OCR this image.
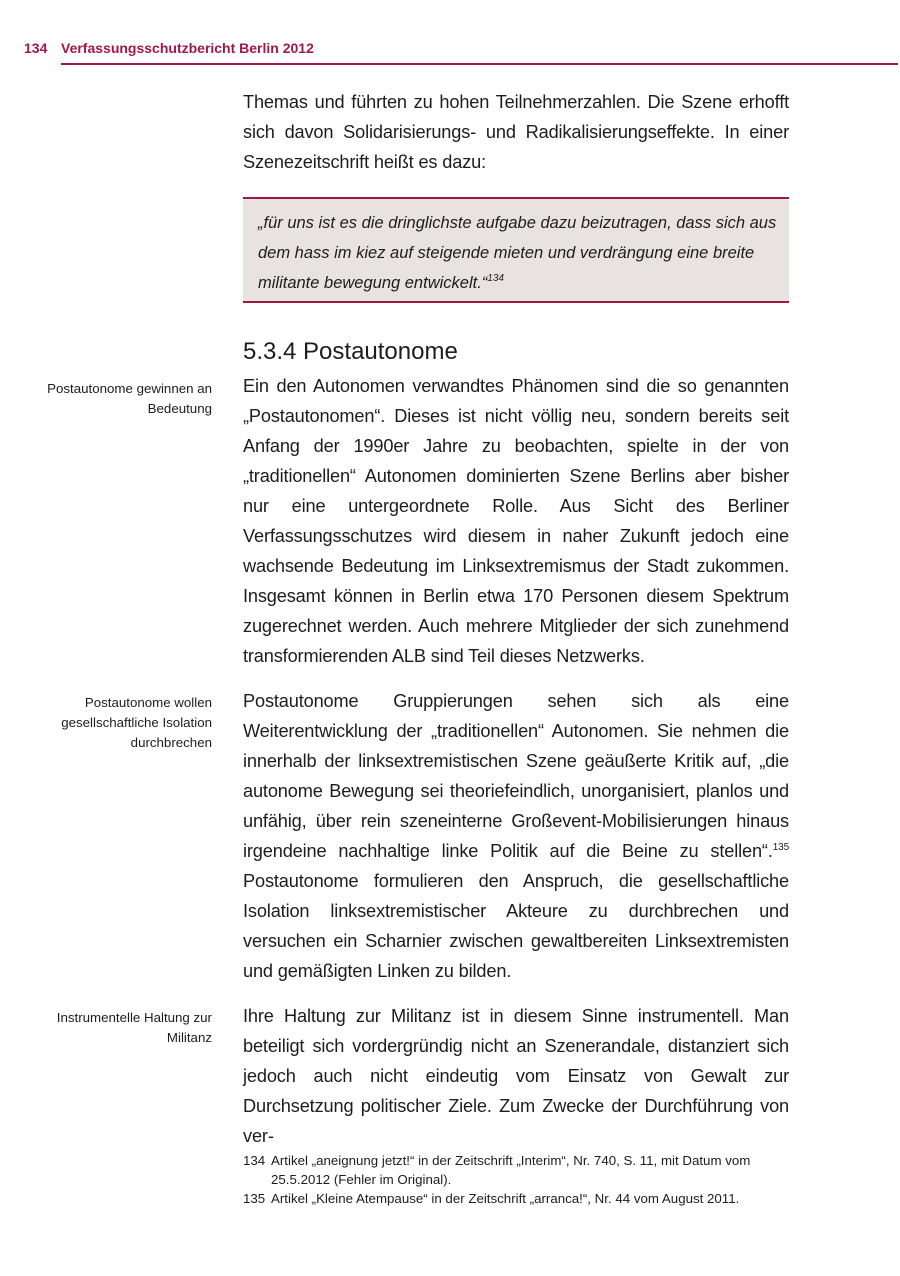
134 Verfassungsschutzbericht Berlin 2012

Themas und führten zu hohen Teilnehmerzahlen. Die Szene erhofft sich davon Solidarisierungs- und Radikalisierungseffekte. In einer Szenezeitschrift heißt es dazu:

„für uns ist es die dringlichste aufgabe dazu beizutragen, dass sich aus dem hass im kiez auf steigende mieten und verdrängung eine breite militante bewegung entwickelt.“$^{134}$

5.3.4 Postautonome
Postautonome gewinnen an Bedeutung
Postautonome wollen gesellschaftliche Isolation durchbrechen
Instrumentelle Haltung zur Militanz

Ein den Autonomen verwandtes Phänomen sind die so genannten „Postautonomen“. Dieses ist nicht völlig neu, sondern bereits seit Anfang der 1990er Jahre zu beobachten, spielte in der von „traditionellen“ Autonomen dominierten Szene Berlins aber bisher nur eine untergeordnete Rolle. Aus Sicht des Berliner Verfassungsschutzes wird diesem in naher Zukunft jedoch eine wachsende Bedeutung im Linksextremismus der Stadt zukommen. Insgesamt können in Berlin etwa 170 Personen diesem Spektrum zugerechnet werden. Auch mehrere Mitglieder der sich zunehmend transformierenden ALB sind Teil dieses Netzwerks.

Postautonome Gruppierungen sehen sich als eine Weiterentwicklung der „traditionellen“ Autonomen. Sie nehmen die innerhalb der linksextremistischen Szene geäußerte Kritik auf, „die autonome Bewegung sei theoriefeindlich, unorganisiert, planlos und unfähig, über rein szeneinterne Großevent-Mobilisierungen hinaus irgendeine nachhaltige linke Politik auf die Beine zu stellen“.$^{135}$ Postautonome formulieren den Anspruch, die gesellschaftliche Isolation linksextremistischer Akteure zu durchbrechen und versuchen ein Scharnier zwischen gewaltbereiten Linksextremisten und gemäßigten Linken zu bilden.

Ihre Haltung zur Militanz ist in diesem Sinne instrumentell. Man beteiligt sich vordergründig nicht an Szenerandale, distanziert sich jedoch auch nicht eindeutig vom Einsatz von Gewalt zur Durchsetzung politischer Ziele. Zum Zwecke der Durchführung von ver-

134 Artikel „aneignung jetzt!“ in der Zeitschrift „Interim“, Nr. 740, S. 11, mit Datum vom 25.5.2012 (Fehler im Original).
135 Artikel „Kleine Atempause“ in der Zeitschrift „arranca!“, Nr. 44 vom August 2011.
